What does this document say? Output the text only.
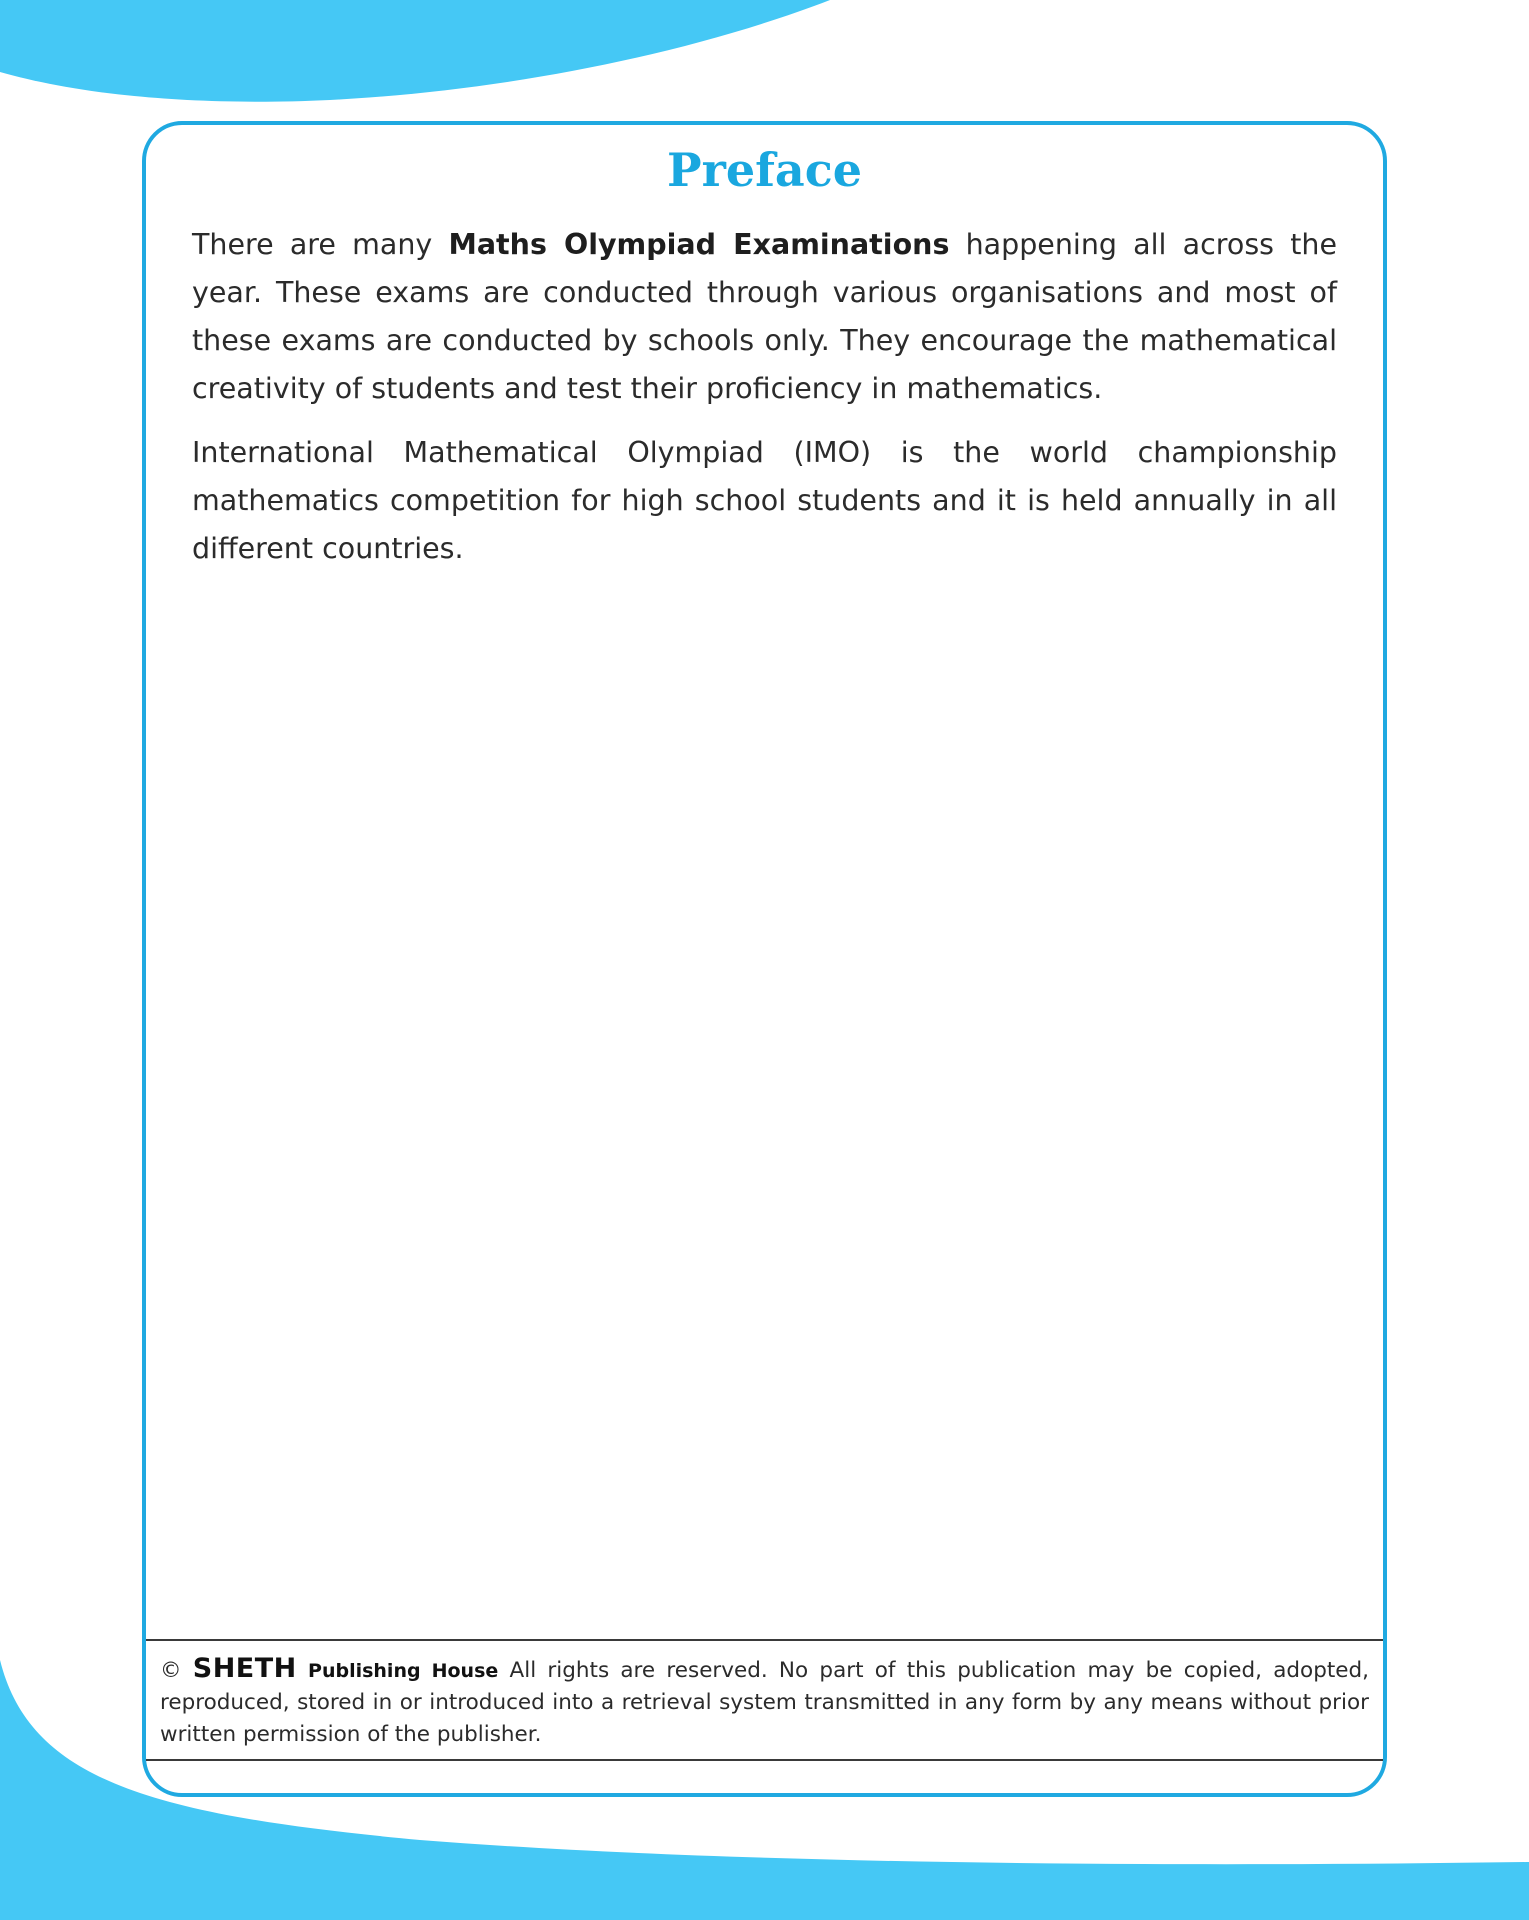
Preface

There are many Maths Olympiad Examinations happening all across the year. These exams are conducted through various organisations and most of these exams are conducted by schools only. They encourage the mathematical creativity of students and test their proficiency in mathematics.

International Mathematical Olympiad (IMO) is the world championship mathematics competition for high school students and it is held annually in all different countries.

© SHETH Publishing House All rights are reserved. No part of this publication may be copied, adopted, reproduced, stored in or introduced into a retrieval system transmitted in any form by any means without prior written permission of the publisher.
